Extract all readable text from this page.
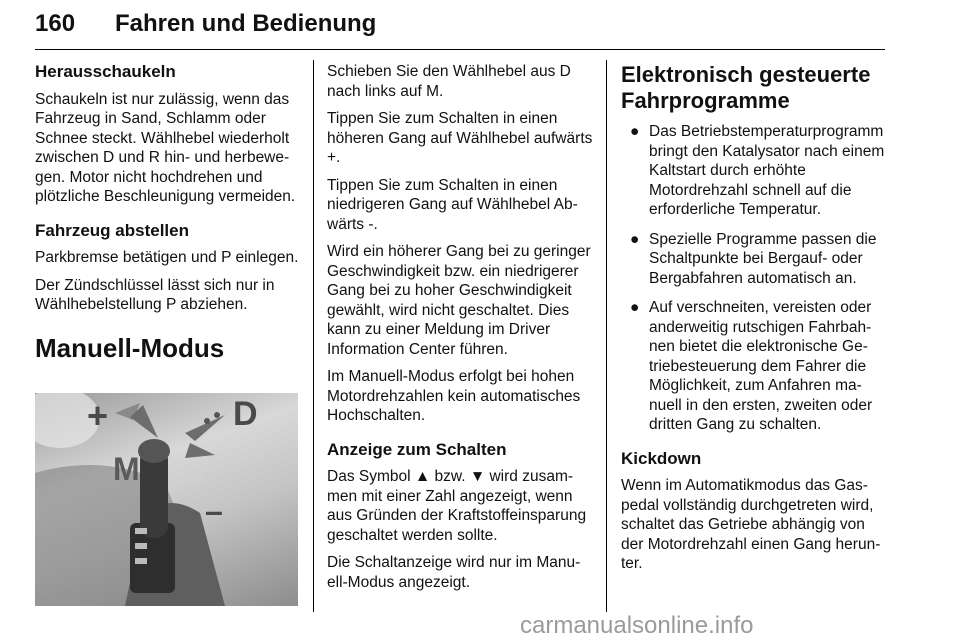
160 Fahren und Bedienung
Herausschaukeln

Schaukeln ist nur zulässig, wenn das Fahrzeug in Sand, Schlamm oder Schnee steckt. Wählhebel wiederholt zwischen D und R hin- und herbewegen. Motor nicht hochdrehen und plötzliche Beschleunigung vermeiden.

Fahrzeug abstellen

Parkbremse betätigen und P einlegen.

Der Zündschlüssel lässt sich nur in Wählhebelstellung P abziehen.

Manuell-Modus
+
M
D
–

Schieben Sie den Wählhebel aus D nach links auf M.

Tippen Sie zum Schalten in einen höheren Gang auf Wählhebel aufwärts +.

Tippen Sie zum Schalten in einen niedrigeren Gang auf Wählhebel Abwärts -.

Wird ein höherer Gang bei zu geringer Geschwindigkeit bzw. ein niedrigerer Gang bei zu hoher Geschwindigkeit gewählt, wird nicht geschaltet. Dies kann zu einer Meldung im Driver Information Center führen.

Im Manuell-Modus erfolgt bei hohen Motordrehzahlen kein automatisches Hochschalten.

Anzeige zum Schalten

Das Symbol ▲ bzw. ▼ wird zusammen mit einer Zahl angezeigt, wenn aus Gründen der Kraftstoffeinsparung geschaltet werden sollte.

Die Schaltanzeige wird nur im Manuell-Modus angezeigt.

Elektronisch gesteuerte Fahrprogramme
● Das Betriebstemperaturprogramm bringt den Katalysator nach einem Kaltstart durch erhöhte Motordrehzahl schnell auf die erforderliche Temperatur.
● Spezielle Programme passen die Schaltpunkte bei Bergauf- oder Bergabfahren automatisch an.
● Auf verschneiten, vereisten oder anderweitig rutschigen Fahrbahnen bietet die elektronische Getriebesteuerung dem Fahrer die Möglichkeit, zum Anfahren manuell in den ersten, zweiten oder dritten Gang zu schalten.
Kickdown

Wenn im Automatikmodus das Gaspedal vollständig durchgetreten wird, schaltet das Getriebe abhängig von der Motordrehzahl einen Gang herunter.

carmanualsonline.info
